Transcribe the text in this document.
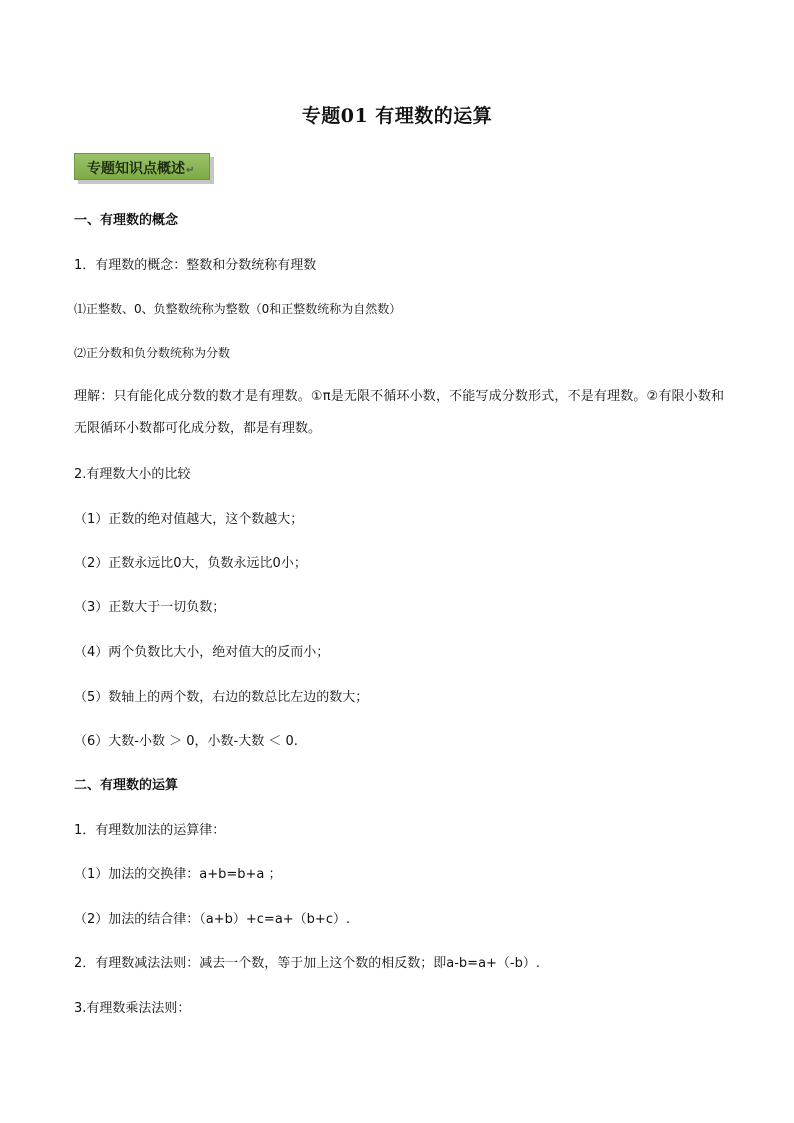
专题01 有理数的运算
专题知识点概述↵
一、有理数的概念
1．有理数的概念：整数和分数统称有理数
⑴正整数、0、负整数统称为整数（0和正整数统称为自然数）
⑵正分数和负分数统称为分数
理解：只有能化成分数的数才是有理数。①π是无限不循环小数，不能写成分数形式，不是有理数。②有限小数和无限循环小数都可化成分数，都是有理数。
2.有理数大小的比较
（1）正数的绝对值越大，这个数越大；
（2）正数永远比0大，负数永远比0小；
（3）正数大于一切负数；
（4）两个负数比大小，绝对值大的反而小；
（5）数轴上的两个数，右边的数总比左边的数大；
（6）大数-小数 ＞ 0，小数-大数 ＜ 0.
二、有理数的运算
1．有理数加法的运算律：
（1）加法的交换律：a+b=b+a ；
（2）加法的结合律：（a+b）+c=a+（b+c）.
2．有理数减法法则：减去一个数，等于加上这个数的相反数；即a-b=a+（-b）.
3.有理数乘法法则：
